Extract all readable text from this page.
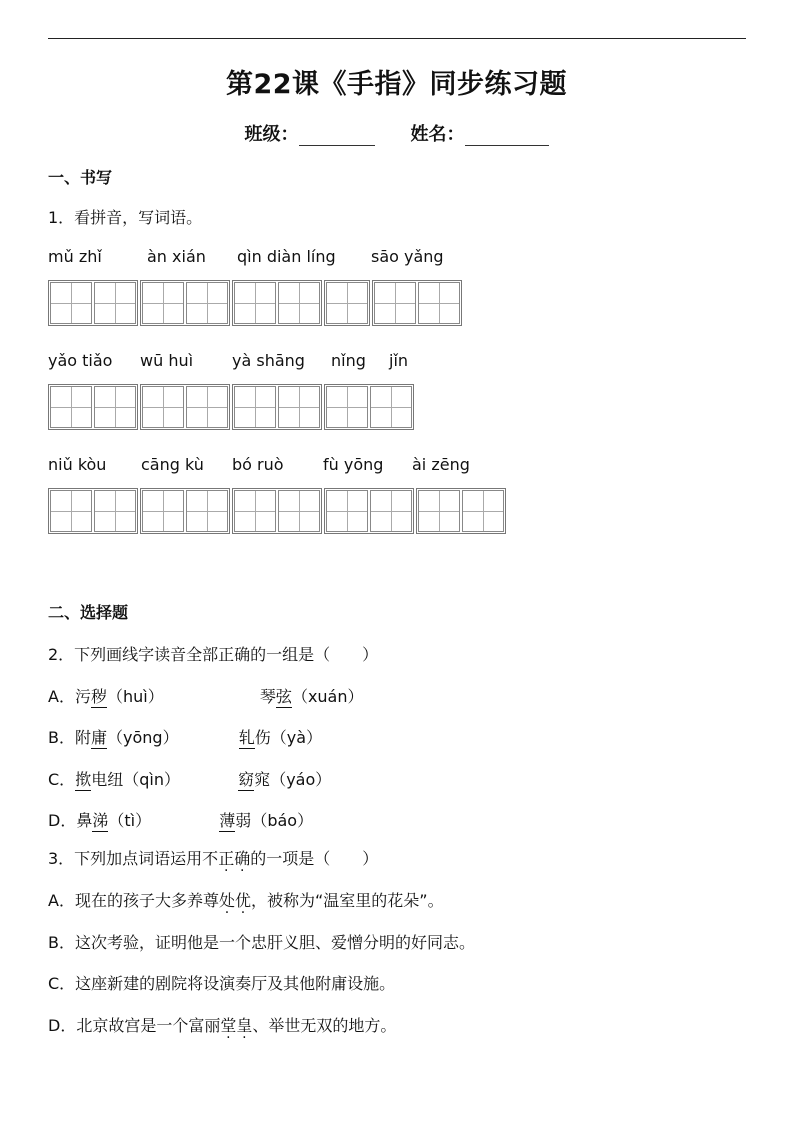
第22课《手指》同步练习题
班级：	姓名：
一、书写
1．看拼音，写词语。
mǔ zhǐ	àn xián qìn diàn líng sāo yǎng
yǎo tiǎo wū huì yà shāng nǐng jǐn
niǔ kòu cāng kù bó ruò fù yōng ài zēng
二、选择题
2．下列画线字读音全部正确的一组是（　　）
A．污秽（huì）	琴弦（xuán）
B．附庸（yōng）	轧伤（yà）
C．揿电纽（qìn）	窈窕（yáo）
D．鼻涕（tì）	薄弱（báo）
3．下列加点词语运用不正确的一项是（　　）
A．现在的孩子大多养尊处优，被称为“温室里的花朵”。
B．这次考验，证明他是一个忠肝义胆、爱憎分明的好同志。
C．这座新建的剧院将设演奏厅及其他附庸设施。
D．北京故宫是一个富丽堂皇、举世无双的地方。
